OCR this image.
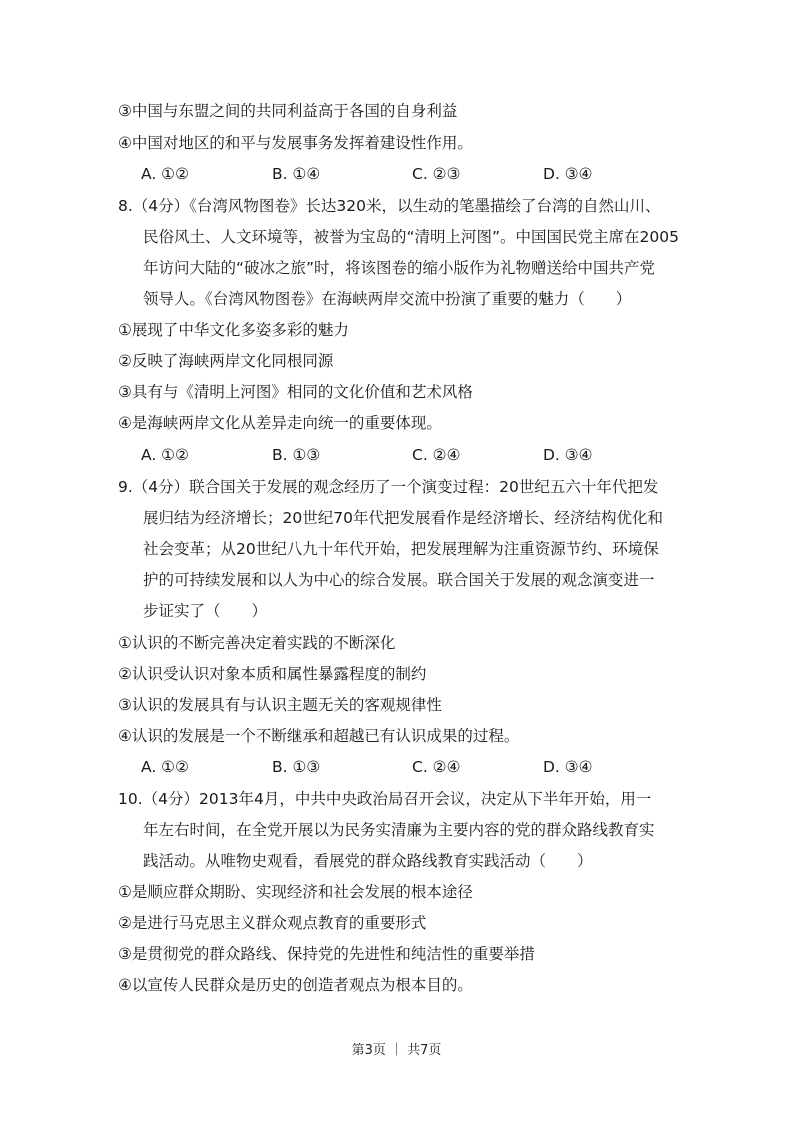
③中国与东盟之间的共同利益高于各国的自身利益
④中国对地区的和平与发展事务发挥着建设性作用。
A. ①②	B. ①④	C. ②③	D. ③④
8.（4分）《台湾风物图卷》长达320米，以生动的笔墨描绘了台湾的自然山川、
民俗风土、人文环境等，被誉为宝岛的“清明上河图”。中国国民党主席在2005
年访问大陆的“破冰之旅”时，将该图卷的缩小版作为礼物赠送给中国共产党
领导人。《台湾风物图卷》在海峡两岸交流中扮演了重要的魅力（　　）
①展现了中华文化多姿多彩的魅力
②反映了海峡两岸文化同根同源
③具有与《清明上河图》相同的文化价值和艺术风格
④是海峡两岸文化从差异走向统一的重要体现。
A. ①②	B. ①③	C. ②④	D. ③④
9.（4分）联合国关于发展的观念经历了一个演变过程：20世纪五六十年代把发
展归结为经济增长；20世纪70年代把发展看作是经济增长、经济结构优化和
社会变革；从20世纪八九十年代开始，把发展理解为注重资源节约、环境保
护的可持续发展和以人为中心的综合发展。联合国关于发展的观念演变进一
步证实了（　　）
①认识的不断完善决定着实践的不断深化
②认识受认识对象本质和属性暴露程度的制约
③认识的发展具有与认识主题无关的客观规律性
④认识的发展是一个不断继承和超越已有认识成果的过程。
A. ①②	B. ①③	C. ②④	D. ③④
10.（4分）2013年4月，中共中央政治局召开会议，决定从下半年开始，用一
年左右时间，在全党开展以为民务实清廉为主要内容的党的群众路线教育实
践活动。从唯物史观看，看展党的群众路线教育实践活动（　　）
①是顺应群众期盼、实现经济和社会发展的根本途径
②是进行马克思主义群众观点教育的重要形式
③是贯彻党的群众路线、保持党的先进性和纯洁性的重要举措
④以宣传人民群众是历史的创造者观点为根本目的。
第3页 ｜ 共7页
